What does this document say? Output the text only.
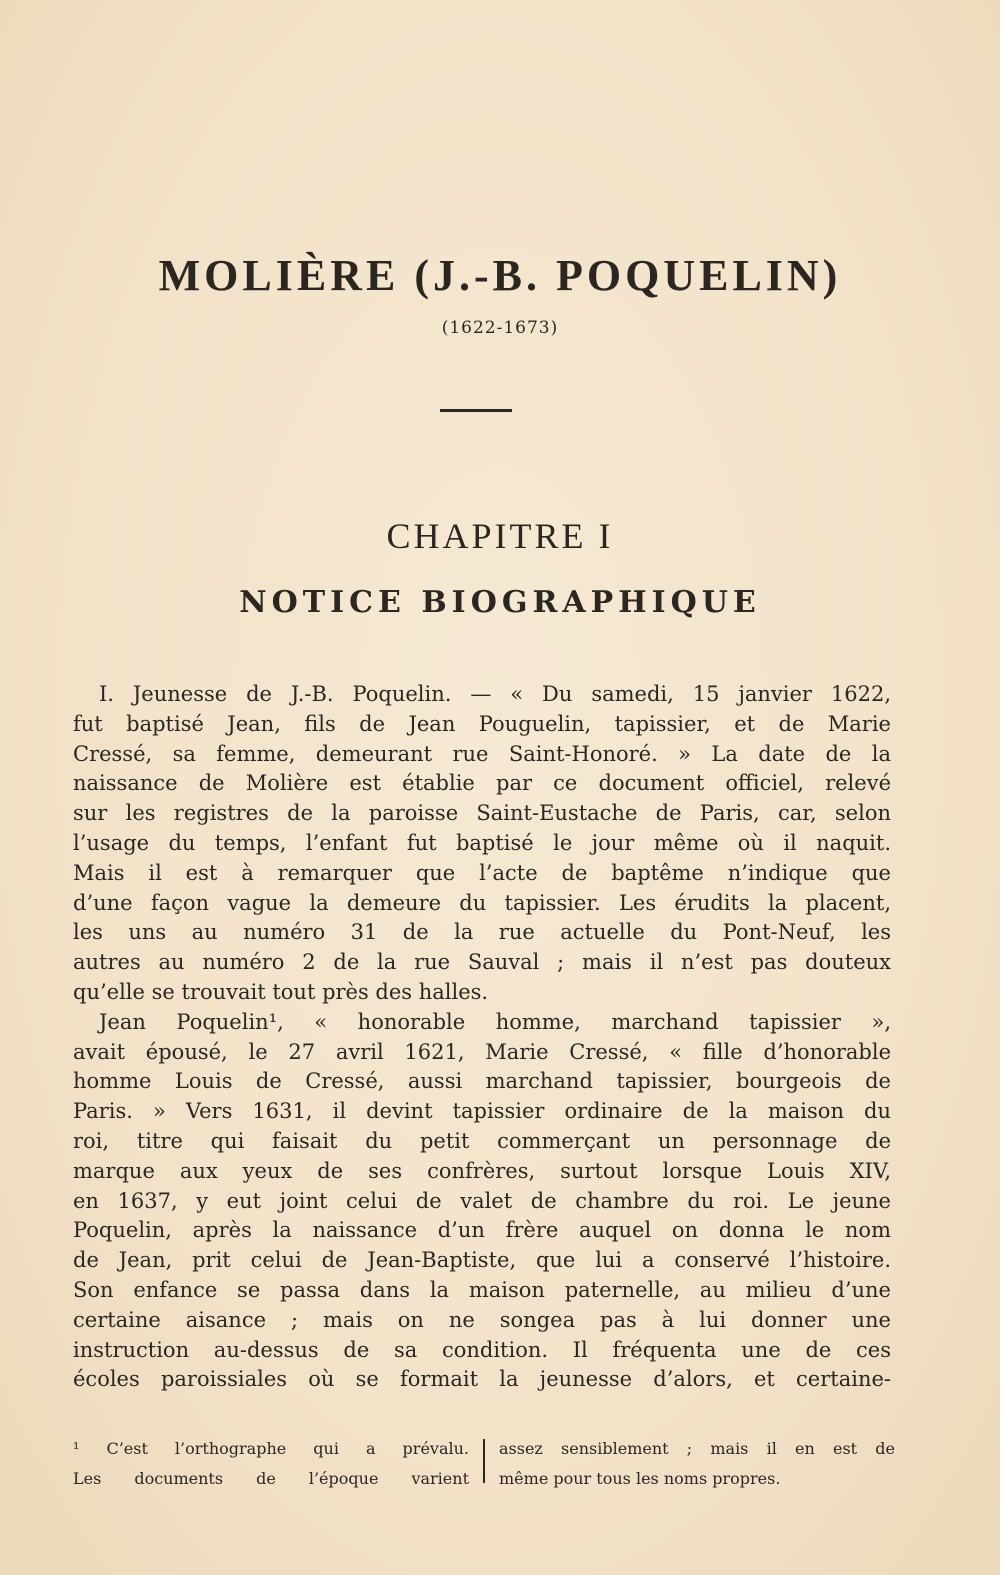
MOLIÈRE (J.-B. POQUELIN)
(1622-1673)
CHAPITRE I
NOTICE BIOGRAPHIQUE
I. Jeunesse de J.-B. Poquelin. — « Du samedi, 15 janvier 1622,
fut baptisé Jean, fils de Jean Pouguelin, tapissier, et de Marie
Cressé, sa femme, demeurant rue Saint-Honoré. » La date de la
naissance de Molière est établie par ce document officiel, relevé
sur les registres de la paroisse Saint-Eustache de Paris, car, selon
l’usage du temps, l’enfant fut baptisé le jour même où il naquit.
Mais il est à remarquer que l’acte de baptême n’indique que
d’une façon vague la demeure du tapissier. Les érudits la placent,
les uns au numéro 31 de la rue actuelle du Pont-Neuf, les
autres au numéro 2 de la rue Sauval ; mais il n’est pas douteux
qu’elle se trouvait tout près des halles.
Jean Poquelin¹, « honorable homme, marchand tapissier »,
avait épousé, le 27 avril 1621, Marie Cressé, « fille d’honorable
homme Louis de Cressé, aussi marchand tapissier, bourgeois de
Paris. » Vers 1631, il devint tapissier ordinaire de la maison du
roi, titre qui faisait du petit commerçant un personnage de
marque aux yeux de ses confrères, surtout lorsque Louis XIV,
en 1637, y eut joint celui de valet de chambre du roi. Le jeune
Poquelin, après la naissance d’un frère auquel on donna le nom
de Jean, prit celui de Jean-Baptiste, que lui a conservé l’histoire.
Son enfance se passa dans la maison paternelle, au milieu d’une
certaine aisance ; mais on ne songea pas à lui donner une
instruction au-dessus de sa condition. Il fréquenta une de ces
écoles paroissiales où se formait la jeunesse d’alors, et certaine-
¹ C’est l’orthographe qui a prévalu.
Les documents de l’époque varient
assez sensiblement ; mais il en est de
même pour tous les noms propres.
